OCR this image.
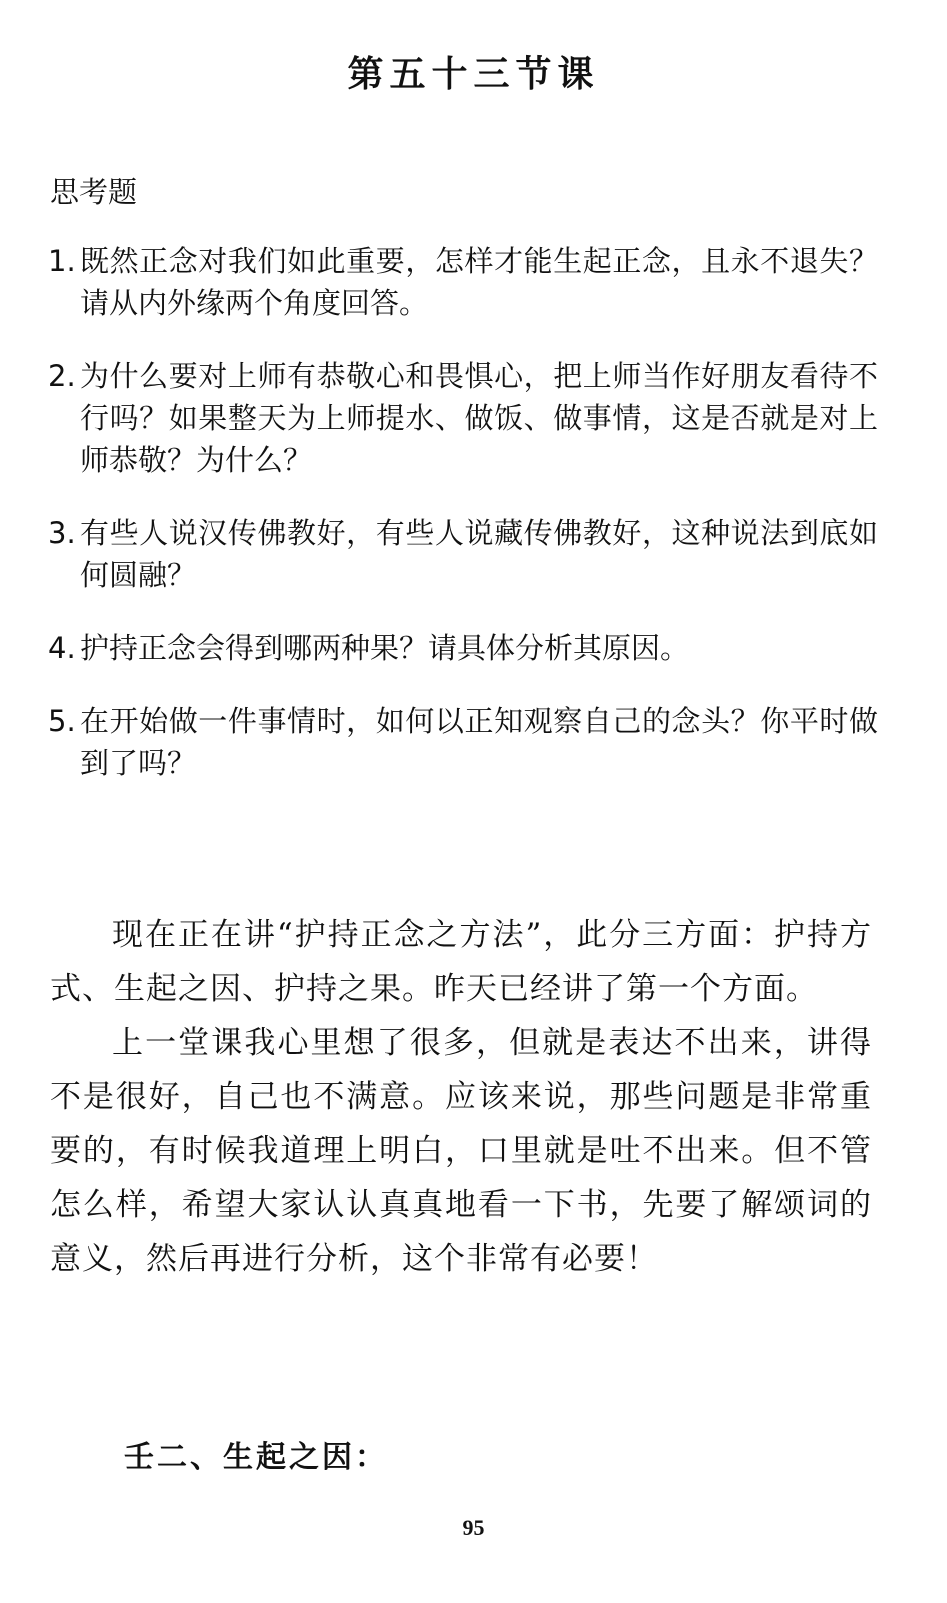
第五十三节课
思考题
1. 既然正念对我们如此重要，怎样才能生起正念，且永不退失？请从内外缘两个角度回答。
2. 为什么要对上师有恭敬心和畏惧心，把上师当作好朋友看待不行吗？如果整天为上师提水、做饭、做事情，这是否就是对上师恭敬？为什么？
3. 有些人说汉传佛教好，有些人说藏传佛教好，这种说法到底如何圆融？
4. 护持正念会得到哪两种果？请具体分析其原因。
5. 在开始做一件事情时，如何以正知观察自己的念头？你平时做到了吗？

现在正在讲“护持正念之方法”，此分三方面：护持方式、生起之因、护持之果。昨天已经讲了第一个方面。

上一堂课我心里想了很多，但就是表达不出来，讲得不是很好，自己也不满意。应该来说，那些问题是非常重要的，有时候我道理上明白，口里就是吐不出来。但不管怎么样，希望大家认认真真地看一下书，先要了解颂词的意义，然后再进行分析，这个非常有必要！

壬二、生起之因：
95
